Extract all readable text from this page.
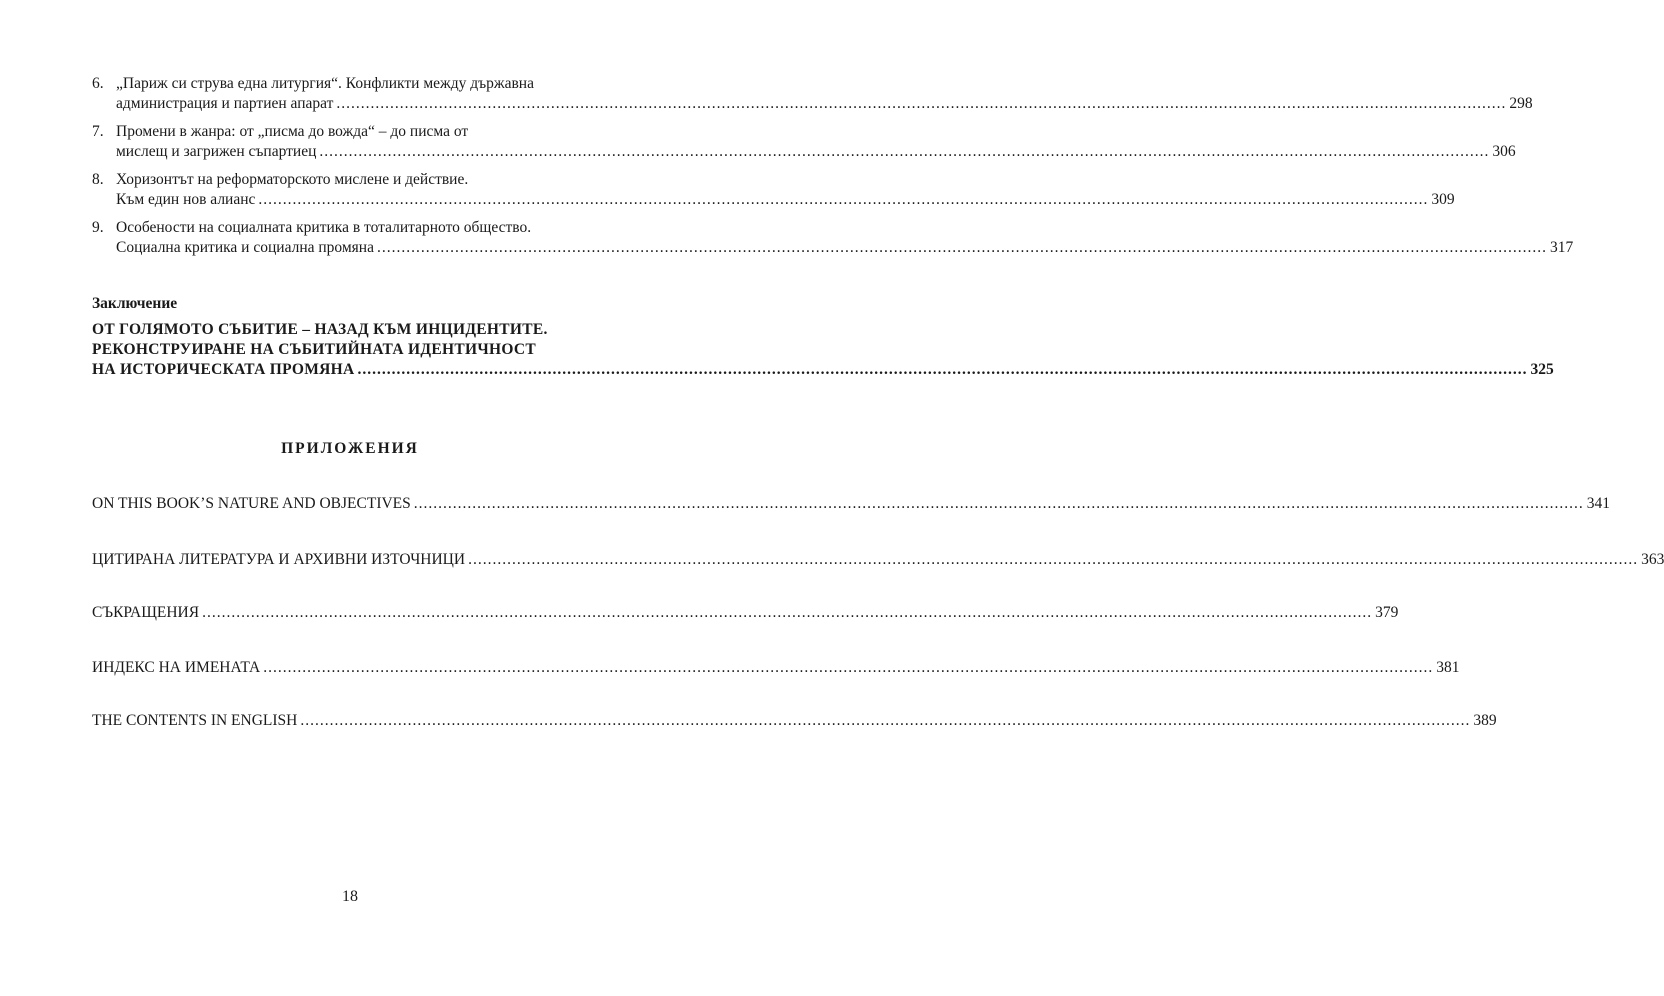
6. „Париж си струва една литургия“. Конфликти между държавна
администрация и партиен апарат .....	298
7. Промени в жанра: от „писма до вожда“ – до писма от
мислещ и загрижен съпартиец .....	306
8. Хоризонтът на реформаторското мислене и действие.
Към един нов алианс .....	309
9. Особености на социалната критика в тоталитарното общество.
Социална критика и социална промяна .....	317
Заключение
ОТ ГОЛЯМОТО СЪБИТИЕ – НАЗАД КЪМ ИНЦИДЕНТИТЕ.
РЕКОНСТРУИРАНЕ НА СЪБИТИЙНАТА ИДЕНТИЧНОСТ
НА ИСТОРИЧЕСКАТА ПРОМЯНА .....	325
ПРИЛОЖЕНИЯ
ON THIS BOOK’S NATURE AND OBJECTIVES .....	341
ЦИТИРАНА ЛИТЕРАТУРА И АРХИВНИ ИЗТОЧНИЦИ .....	363
СЪКРАЩЕНИЯ .....	379
ИНДЕКС НА ИМЕНАТА .....	381
THE CONTENTS IN ENGLISH .....	389
18
